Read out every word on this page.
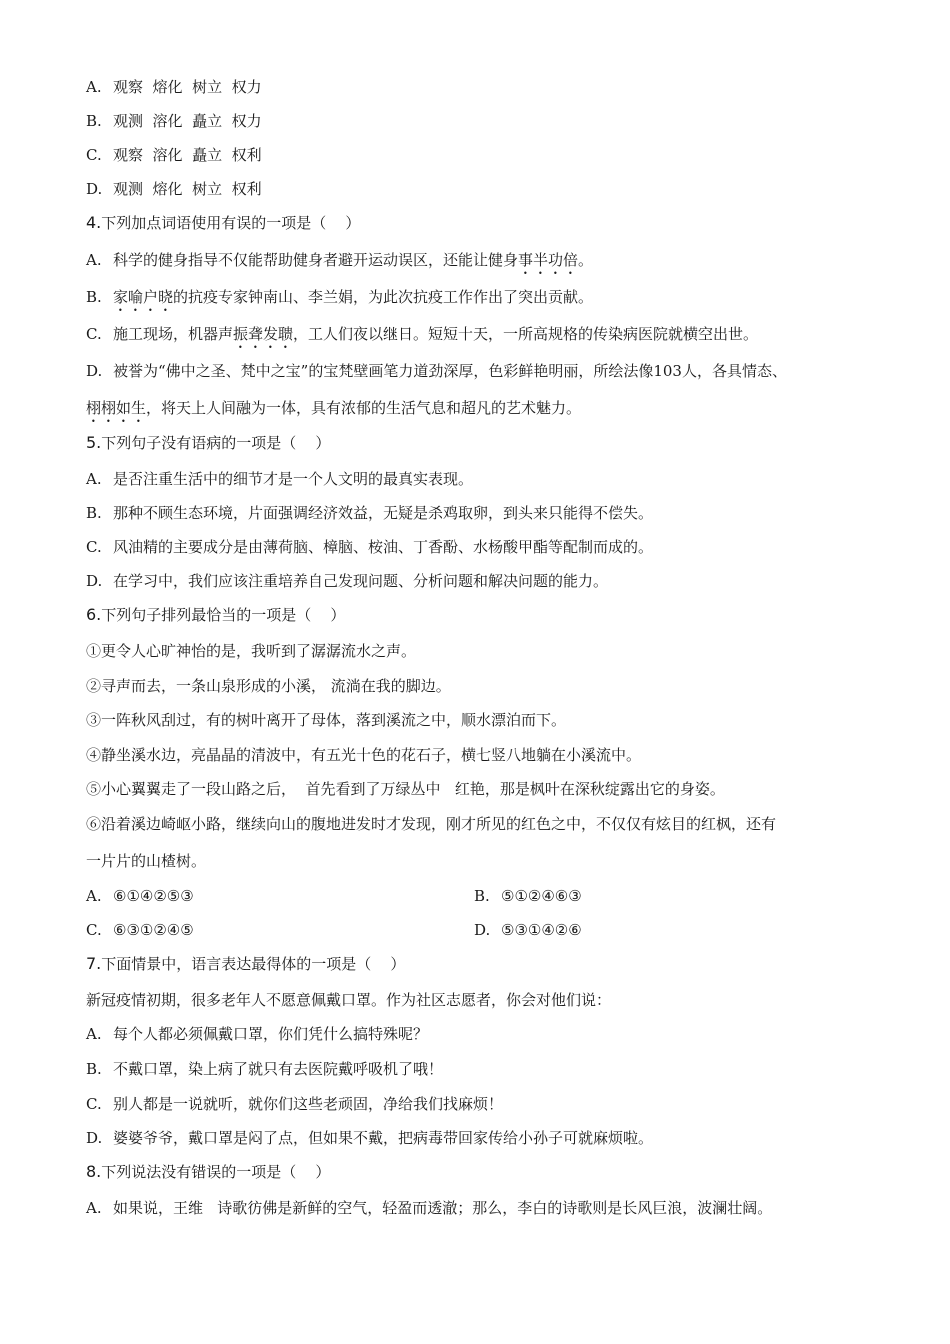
A. 观察  熔化  树立  权力
B. 观测  溶化  矗立  权力
C. 观察  溶化  矗立  权利
D. 观测  熔化  树立  权利
4.下列加点词语使用有误的一项是（    ）
A. 科学的健身指导不仅能帮助健身者避开运动误区，还能让健身事半功倍。
B. 家喻户晓的抗疫专家钟南山、李兰娟，为此次抗疫工作作出了突出贡献。
C. 施工现场，机器声振聋发聩，工人们夜以继日。短短十天，一所高规格的传染病医院就横空出世。
D. 被誉为“佛中之圣、梵中之宝”的宝梵壁画笔力道劲深厚，色彩鲜艳明丽，所绘法像103人，各具情态、
栩栩如生，将天上人间融为一体，具有浓郁的生活气息和超凡的艺术魅力。
5.下列句子没有语病的一项是（    ）
A. 是否注重生活中的细节才是一个人文明的最真实表现。
B. 那种不顾生态环境，片面强调经济效益，无疑是杀鸡取卵，到头来只能得不偿失。
C. 风油精的主要成分是由薄荷脑、樟脑、桉油、丁香酚、水杨酸甲酯等配制而成的。
D. 在学习中，我们应该注重培养自己发现问题、分析问题和解决问题的能力。
6.下列句子排列最恰当的一项是（    ）
①更令人心旷神怡的是，我听到了潺潺流水之声。
②寻声而去，一条山泉形成的小溪， 流淌在我的脚边。
③一阵秋风刮过，有的树叶离开了母体，落到溪流之中，顺水漂泊而下。
④静坐溪水边，亮晶晶的清波中，有五光十色的花石子，横七竖八地躺在小溪流中。
⑤小心翼翼走了一段山路之后，  首先看到了万绿丛中   红艳，那是枫叶在深秋绽露出它的身姿。
⑥沿着溪边崎岖小路，继续向山的腹地进发时才发现，刚才所见的红色之中，不仅仅有炫目的红枫，还有
一片片的山楂树。
A. ⑥①④②⑤③	B. ⑤①②④⑥③
C. ⑥③①②④⑤	D. ⑤③①④②⑥
7.下面情景中，语言表达最得体的一项是（    ）
新冠疫情初期，很多老年人不愿意佩戴口罩。作为社区志愿者，你会对他们说：
A. 每个人都必须佩戴口罩，你们凭什么搞特殊呢？
B. 不戴口罩，染上病了就只有去医院戴呼吸机了哦！
C. 别人都是一说就听，就你们这些老顽固，净给我们找麻烦！
D. 婆婆爷爷，戴口罩是闷了点，但如果不戴，把病毒带回家传给小孙子可就麻烦啦。
8.下列说法没有错误的一项是（    ）
A. 如果说，王维   诗歌彷佛是新鲜的空气，轻盈而透澈；那么，李白的诗歌则是长风巨浪，波澜壮阔。
